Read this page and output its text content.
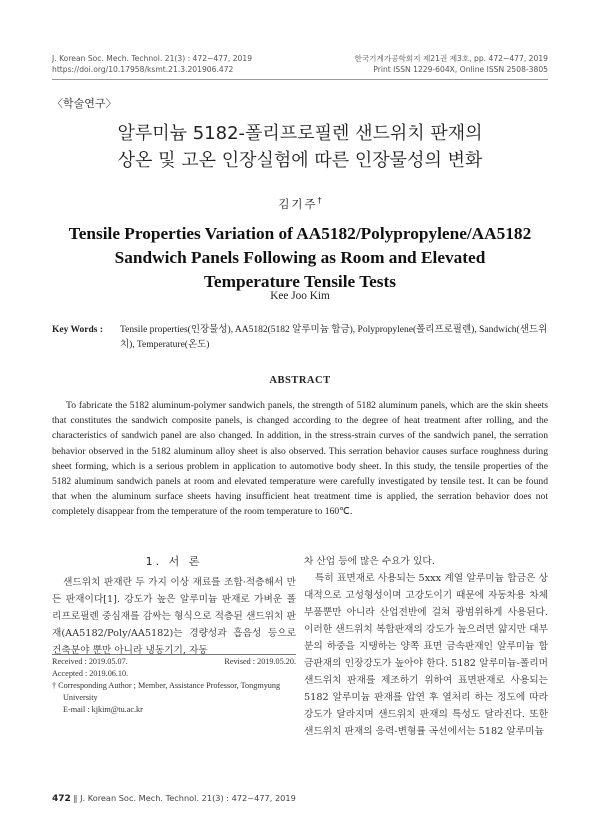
J. Korean Soc. Mech. Technol. 21(3) : 472~477, 2019
https://doi.org/10.17958/ksmt.21.3.201906.472
한국기계가공학회지 제21권 제3호, pp. 472~477, 2019
Print ISSN 1229-604X, Online ISSN 2508-3805
〈학술연구〉
알루미늄 5182-폴리프로필렌 샌드위치 판재의
상온 및 고온 인장실험에 따른 인장물성의 변화
김기주†
Tensile Properties Variation of AA5182/Polypropylene/AA5182
Sandwich Panels Following as Room and Elevated
Temperature Tensile Tests
Kee Joo Kim
Key Words : Tensile properties(인장물성), AA5182(5182 알루미늄 합금), Polypropylene(폴리프로필렌), Sandwich(샌드위치), Temperature(온도)
ABSTRACT
To fabricate the 5182 aluminum-polymer sandwich panels, the strength of 5182 aluminum panels, which are the skin sheets that constitutes the sandwich composite panels, is changed according to the degree of heat treatment after rolling, and the characteristics of sandwich panel are also changed. In addition, in the stress-strain curves of the sandwich panel, the serration behavior observed in the 5182 aluminum alloy sheet is also observed. This serration behavior causes surface roughness during sheet forming, which is a serious problem in application to automotive body sheet. In this study, the tensile properties of the 5182 aluminum sandwich panels at room and elevated temperature were carefully investigated by tensile test. It can be found that when the aluminum surface sheets having insufficient heat treatment time is applied, the serration behavior does not completely disappear from the temperature of the room temperature to 160℃.
1. 서 론

샌드위치 판재란 두 가지 이상 재료를 조합·적층해서 만든 판재이다[1]. 강도가 높은 알루미늄 판재로 가벼운 폴리프로필렌 중심재를 감싸는 형식으로 적층된 샌드위치 판재(AA5182/Poly/AA5182)는 경량성과 흡음성 등으로 건축분야 뿐만 아니라 냉동기기, 자동

차 산업 등에 많은 수요가 있다.

특히 표면재로 사용되는 5xxx 계열 알루미늄 합금은 상대적으로 고성형성이며 고강도이기 때문에 자동차용 차체 부품뿐만 아니라 산업전반에 걸쳐 광범위하게 사용된다. 이러한 샌드위치 복합판재의 강도가 높으려면 얇지만 대부분의 하중을 지탱하는 양쪽 표면 금속판재인 알루미늄 합금판재의 인장강도가 높아야 한다. 5182 알루미늄-폴리머 샌드위치 판재를 제조하기 위하여 표면판재로 사용되는 5182 알루미늄 판재를 압연 후 열처리 하는 정도에 따라 강도가 달라지며 샌드위치 판재의 특성도 달라진다. 또한 샌드위치 판재의 응력-변형률 곡선에서는 5182 알루미늄

Received : 2019.05.07.	Revised : 2019.05.20.
Accepted : 2019.06.10.
† Corresponding Author ; Member, Assistance Professor, Tongmyung University
E-mail : kjkim@tu.ac.kr
472 ‖ J. Korean Soc. Mech. Technol. 21(3) : 472~477, 2019
